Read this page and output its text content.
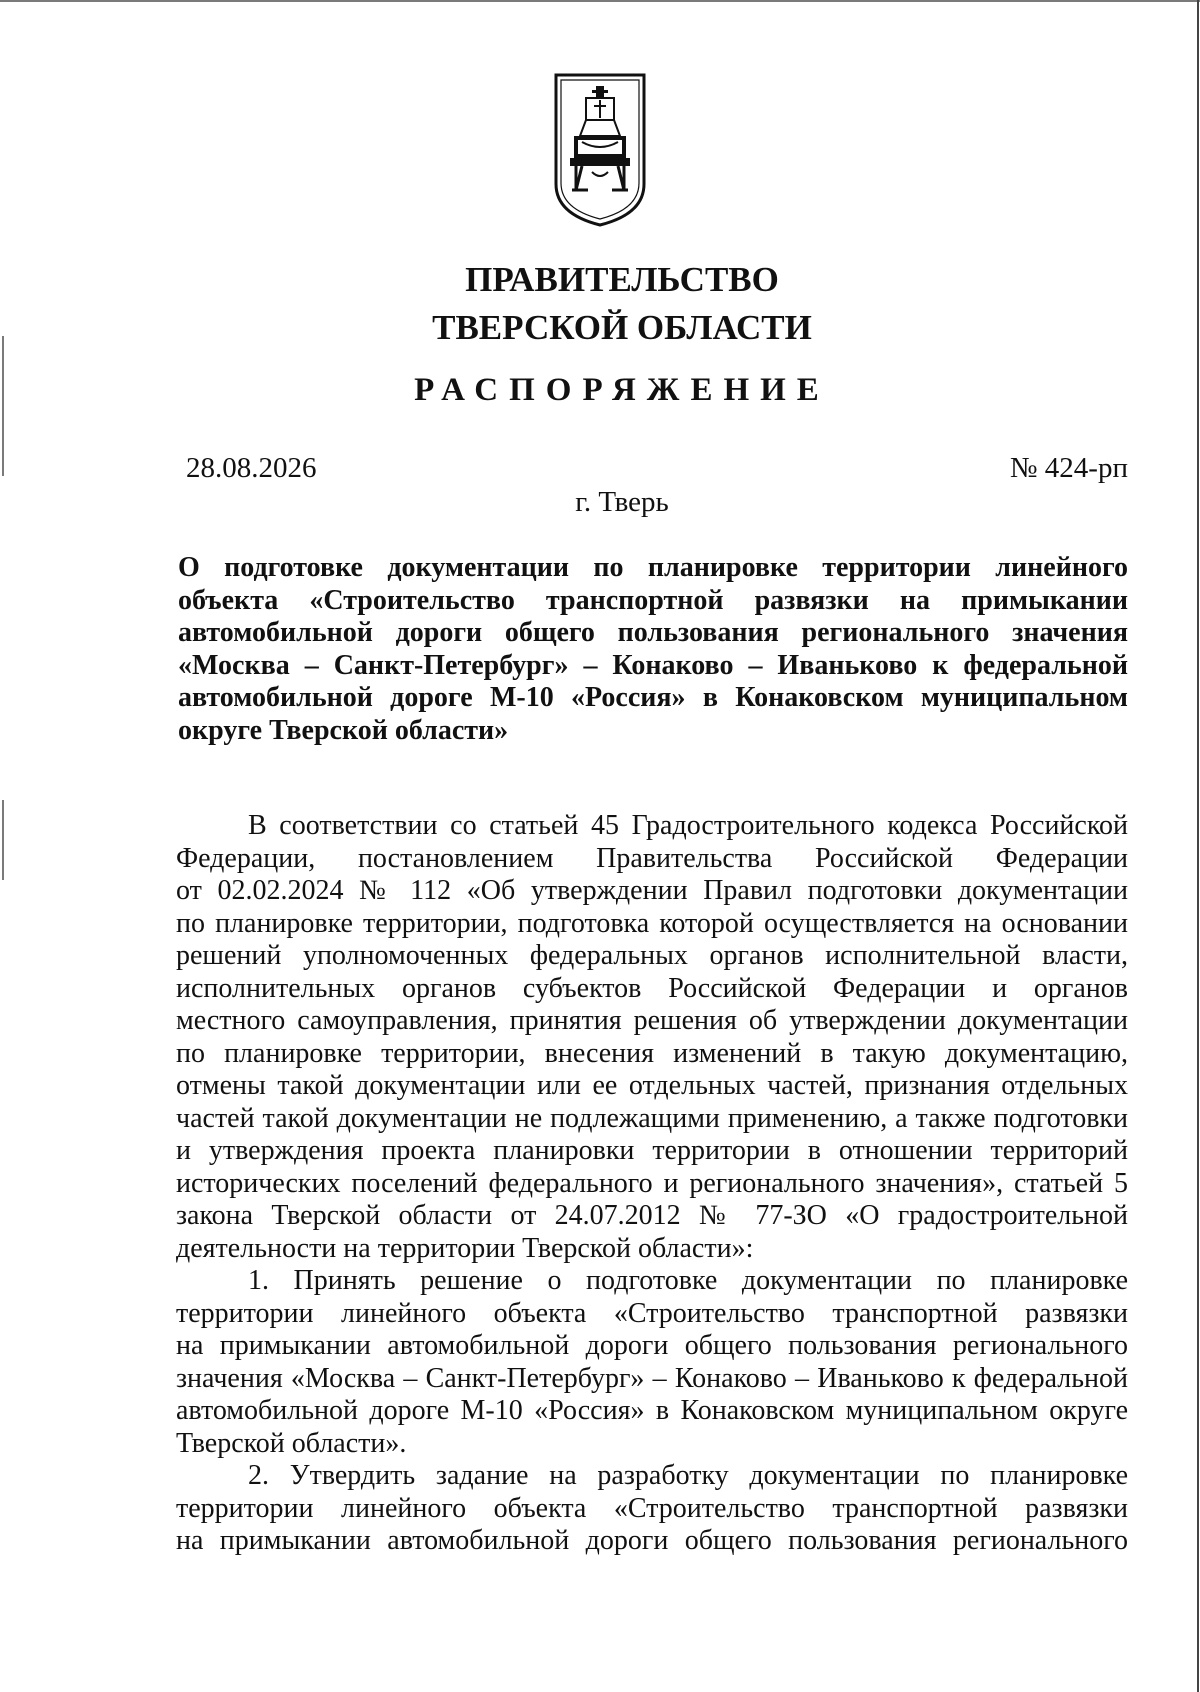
ПРАВИТЕЛЬСТВО
ТВЕРСКОЙ ОБЛАСТИ
РАСПОРЯЖЕНИЕ
28.08.2026	№ 424-рп
г. Тверь
О подготовке документации по планировке территории линейного
объекта «Строительство транспортной развязки на примыкании
автомобильной дороги общего пользования регионального значения
«Москва – Санкт-Петербург» – Конаково – Иваньково к федеральной
автомобильной дороге М-10 «Россия» в Конаковском муниципальном
округе Тверской области»
В соответствии со статьей 45 Градостроительного кодекса Российской
Федерации, постановлением Правительства Российской Федерации
от 02.02.2024 № 112 «Об утверждении Правил подготовки документации
по планировке территории, подготовка которой осуществляется на основании
решений уполномоченных федеральных органов исполнительной власти,
исполнительных органов субъектов Российской Федерации и органов
местного самоуправления, принятия решения об утверждении документации
по планировке территории, внесения изменений в такую документацию,
отмены такой документации или ее отдельных частей, признания отдельных
частей такой документации не подлежащими применению, а также подготовки
и утверждения проекта планировки территории в отношении территорий
исторических поселений федерального и регионального значения», статьей 5
закона Тверской области от 24.07.2012 № 77-ЗО «О градостроительной
деятельности на территории Тверской области»:
1. Принять решение о подготовке документации по планировке
территории линейного объекта «Строительство транспортной развязки
на примыкании автомобильной дороги общего пользования регионального
значения «Москва – Санкт-Петербург» – Конаково – Иваньково к федеральной
автомобильной дороге М-10 «Россия» в Конаковском муниципальном округе
Тверской области».
2. Утвердить задание на разработку документации по планировке
территории линейного объекта «Строительство транспортной развязки
на примыкании автомобильной дороги общего пользования регионального
